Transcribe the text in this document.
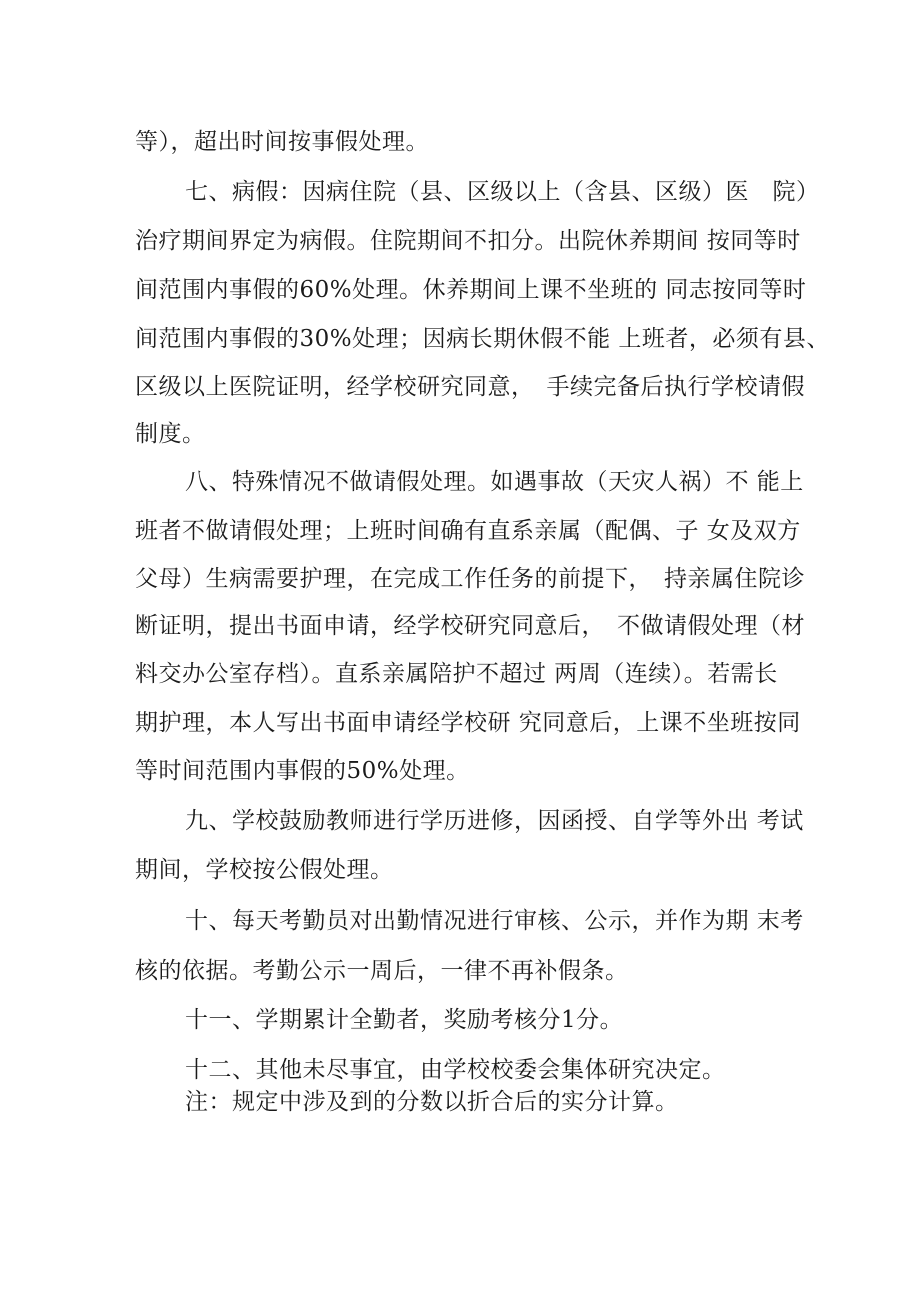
等），超出时间按事假处理。
七、病假：因病住院（县、区级以上（含县、区级）医　院）
治疗期间界定为病假。住院期间不扣分。出院休养期间 按同等时
间范围内事假的60%处理。休养期间上课不坐班的 同志按同等时
间范围内事假的30%处理；因病长期休假不能 上班者，必须有县、
区级以上医院证明，经学校研究同意，　手续完备后执行学校请假
制度。
八、特殊情况不做请假处理。如遇事故（天灾人祸）不 能上
班者不做请假处理；上班时间确有直系亲属（配偶、子 女及双方
父母）生病需要护理，在完成工作任务的前提下，　持亲属住院诊
断证明，提出书面申请，经学校研究同意后，　不做请假处理（材
料交办公室存档）。直系亲属陪护不超过 两周（连续）。若需长
期护理，本人写出书面申请经学校研 究同意后，上课不坐班按同
等时间范围内事假的50%处理。
九、学校鼓励教师进行学历进修，因函授、自学等外出 考试
期间，学校按公假处理。
十、每天考勤员对出勤情况进行审核、公示，并作为期 末考
核的依据。考勤公示一周后，一律不再补假条。
十一、学期累计全勤者，奖励考核分1分。
十二、其他未尽事宜，由学校校委会集体研究决定。
注：规定中涉及到的分数以折合后的实分计算。
